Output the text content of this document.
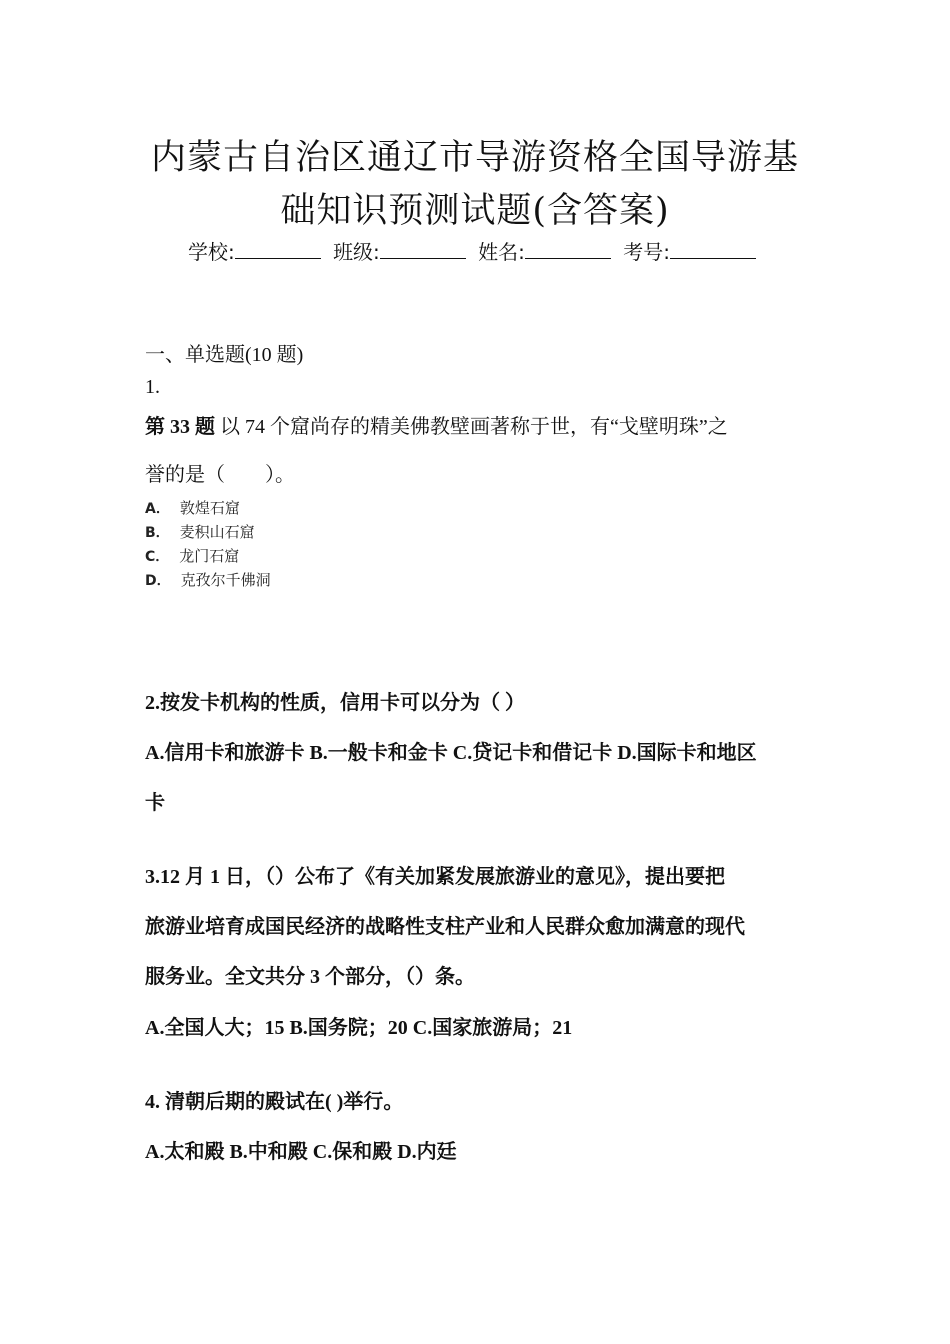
内蒙古自治区通辽市导游资格全国导游基
础知识预测试题(含答案)
学校:	班级:	姓名:	考号:
一、单选题(10 题)
1.
第 33 题 以 74 个窟尚存的精美佛教壁画著称于世，有“戈壁明珠”之
誉的是（　　）。
A． 敦煌石窟
B． 麦积山石窟
C． 龙门石窟
D． 克孜尔千佛洞
2.按发卡机构的性质，信用卡可以分为（ ）
A.信用卡和旅游卡 B.一般卡和金卡 C.贷记卡和借记卡 D.国际卡和地区
卡
3.12 月 1 日，（）公布了《有关加紧发展旅游业的意见》，提出要把
旅游业培育成国民经济的战略性支柱产业和人民群众愈加满意的现代
服务业。全文共分 3 个部分，（）条。
A.全国人大；15 B.国务院；20 C.国家旅游局；21
4. 清朝后期的殿试在( )举行。
A.太和殿 B.中和殿 C.保和殿 D.内廷
